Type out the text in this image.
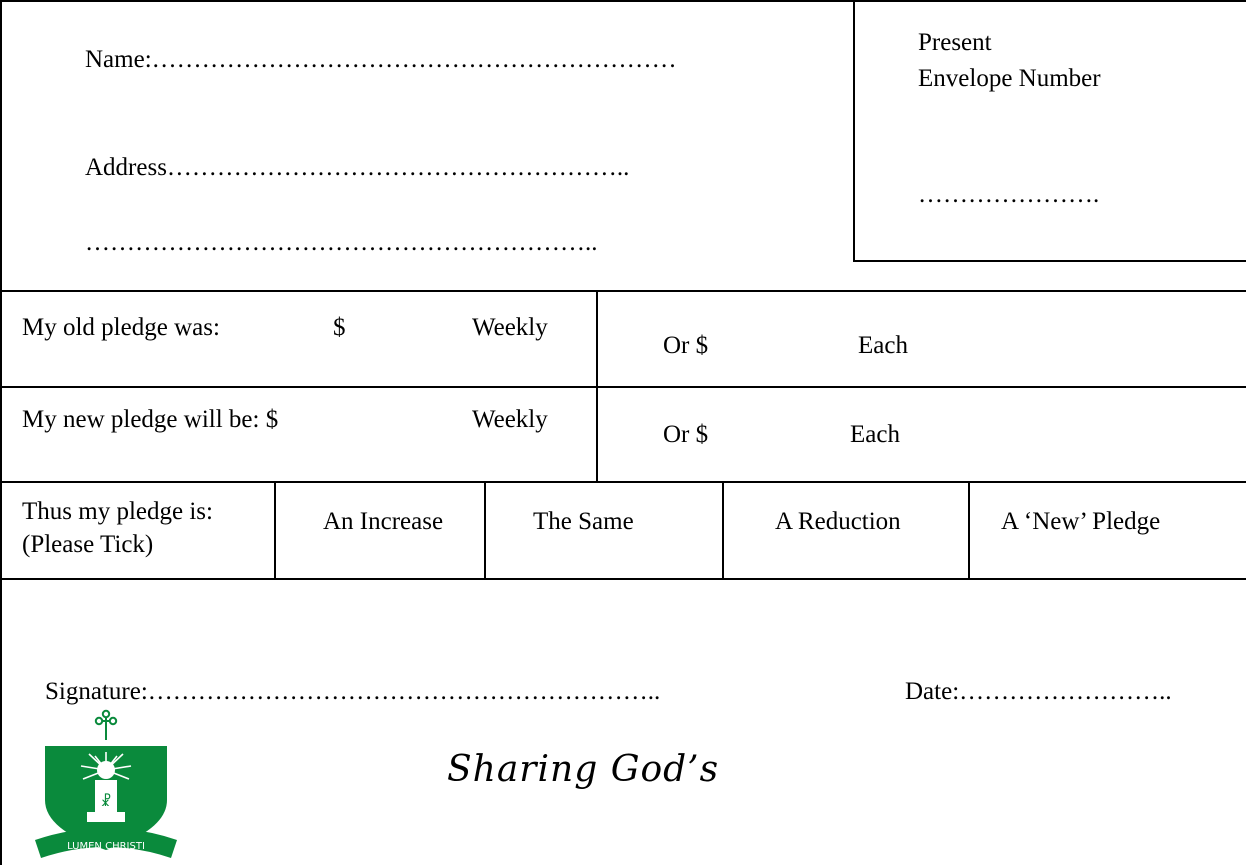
Name:………………………………………………………
Address………………………………………………..
……………………………………………………..
Present
Envelope Number
………………….
My old pledge was:	$	Weekly
Or $	Each
My new pledge will be: $	Weekly
Or $	Each
Thus my pledge is:
(Please Tick)
An Increase	The Same	A Reduction	A ‘New’ Pledge
Signature:……………………………………………………..	Date:……………………..
Sharing God’s
☧
LUMEN CHRISTI
